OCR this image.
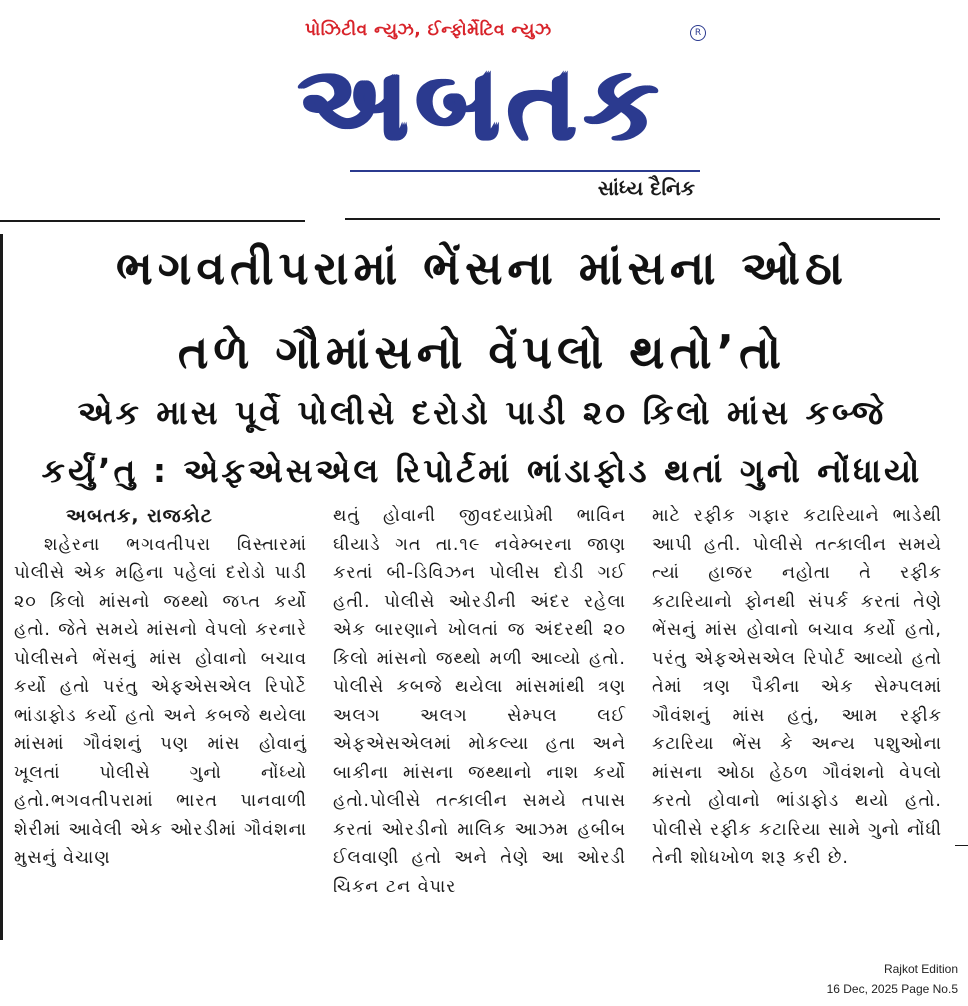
પોઝિટીવ ન્યુઝ, ઈન્ફોર્મેટિવ ન્યુઝ	R
અબતક
સાંધ્ય દૈનિક
ભગવતીપરામાં ભેંસના માંસના ઓઠા
તળે ગૌમાંસનો વેંપલો થતો’તો
એક માસ પૂર્વે પોલીસે દરોડો પાડી ૨૦ કિલો માંસ કબ્જે
કર્યું’તુ : એફએસએલ રિપોર્ટમાં ભાંડાફોડ થતાં ગુનો નોંધાયો
અબતક, રાજકોટ
શહેરના ભગવતીપરા વિસ્તારમાં પોલીસે એક મહિના પહેલાં દરોડો પાડી ૨૦ કિલો માંસનો જથ્થો જપ્ત કર્યો હતો. જેતે સમયે માંસનો વેપલો કરનારે પોલીસને ભેંસનું માંસ હોવાનો બચાવ કર્યો હતો પરંતુ એફએસએલ રિપોર્ટે ભાંડાફોડ કર્યો હતો અને કબજે થયેલા માંસમાં ગૌવંશનું પણ માંસ હોવાનું ખૂલતાં પોલીસે ગુનો નોંધ્યો હતો.ભગવતીપરામાં ભારત પાનવાળી શેરીમાં આવેલી એક ઓરડીમાં ગૌવંશના મુસનું વેચાણ
થતું હોવાની જીવદયાપ્રેમી ભાવિન ઘીયાડે ગત તા.૧૯ નવેમ્બરના જાણ કરતાં બી-ડિવિઝન પોલીસ દોડી ગઈ હતી. પોલીસે ઓરડીની અંદર રહેલા એક બારણાને ખોલતાં જ અંદરથી ૨૦ કિલો માંસનો જથ્થો મળી આવ્યો હતો. પોલીસે કબજે થયેલા માંસમાંથી ત્રણ અલગ અલગ સેમ્પલ લઈ એફએસએલમાં મોકલ્યા હતા અને બાકીના માંસના જથ્થાનો નાશ કર્યો હતો.પોલીસે તત્કાલીન સમયે તપાસ કરતાં ઓરડીનો માલિક આઝમ હબીબ ઈલવાણી હતો અને તેણે આ ઓરડી ચિકન ટન વેપાર
માટે રફીક ગફાર કટારિયાને ભાડેથી આપી હતી. પોલીસે તત્કાલીન સમયે ત્યાં હાજર નહોતા તે રફીક કટારિયાનો ફોનથી સંપર્ક કરતાં તેણે ભેંસનું માંસ હોવાનો બચાવ કર્યો હતો, પરંતુ એફએસએલ રિપોર્ટ આવ્યો હતો તેમાં ત્રણ પૈકીના એક સેમ્પલમાં ગૌવંશનું માંસ હતું, આમ રફીક કટારિયા ભેંસ કે અન્ય પશુઓના માંસના ઓઠા હેઠળ ગૌવંશનો વેપલો કરતો હોવાનો ભાંડાફોડ થયો હતો. પોલીસે રફીક કટારિયા સામે ગુનો નોંધી તેની શોધખોળ શરૂ કરી છે.
Rajkot Edition
16 Dec, 2025 Page No.5
